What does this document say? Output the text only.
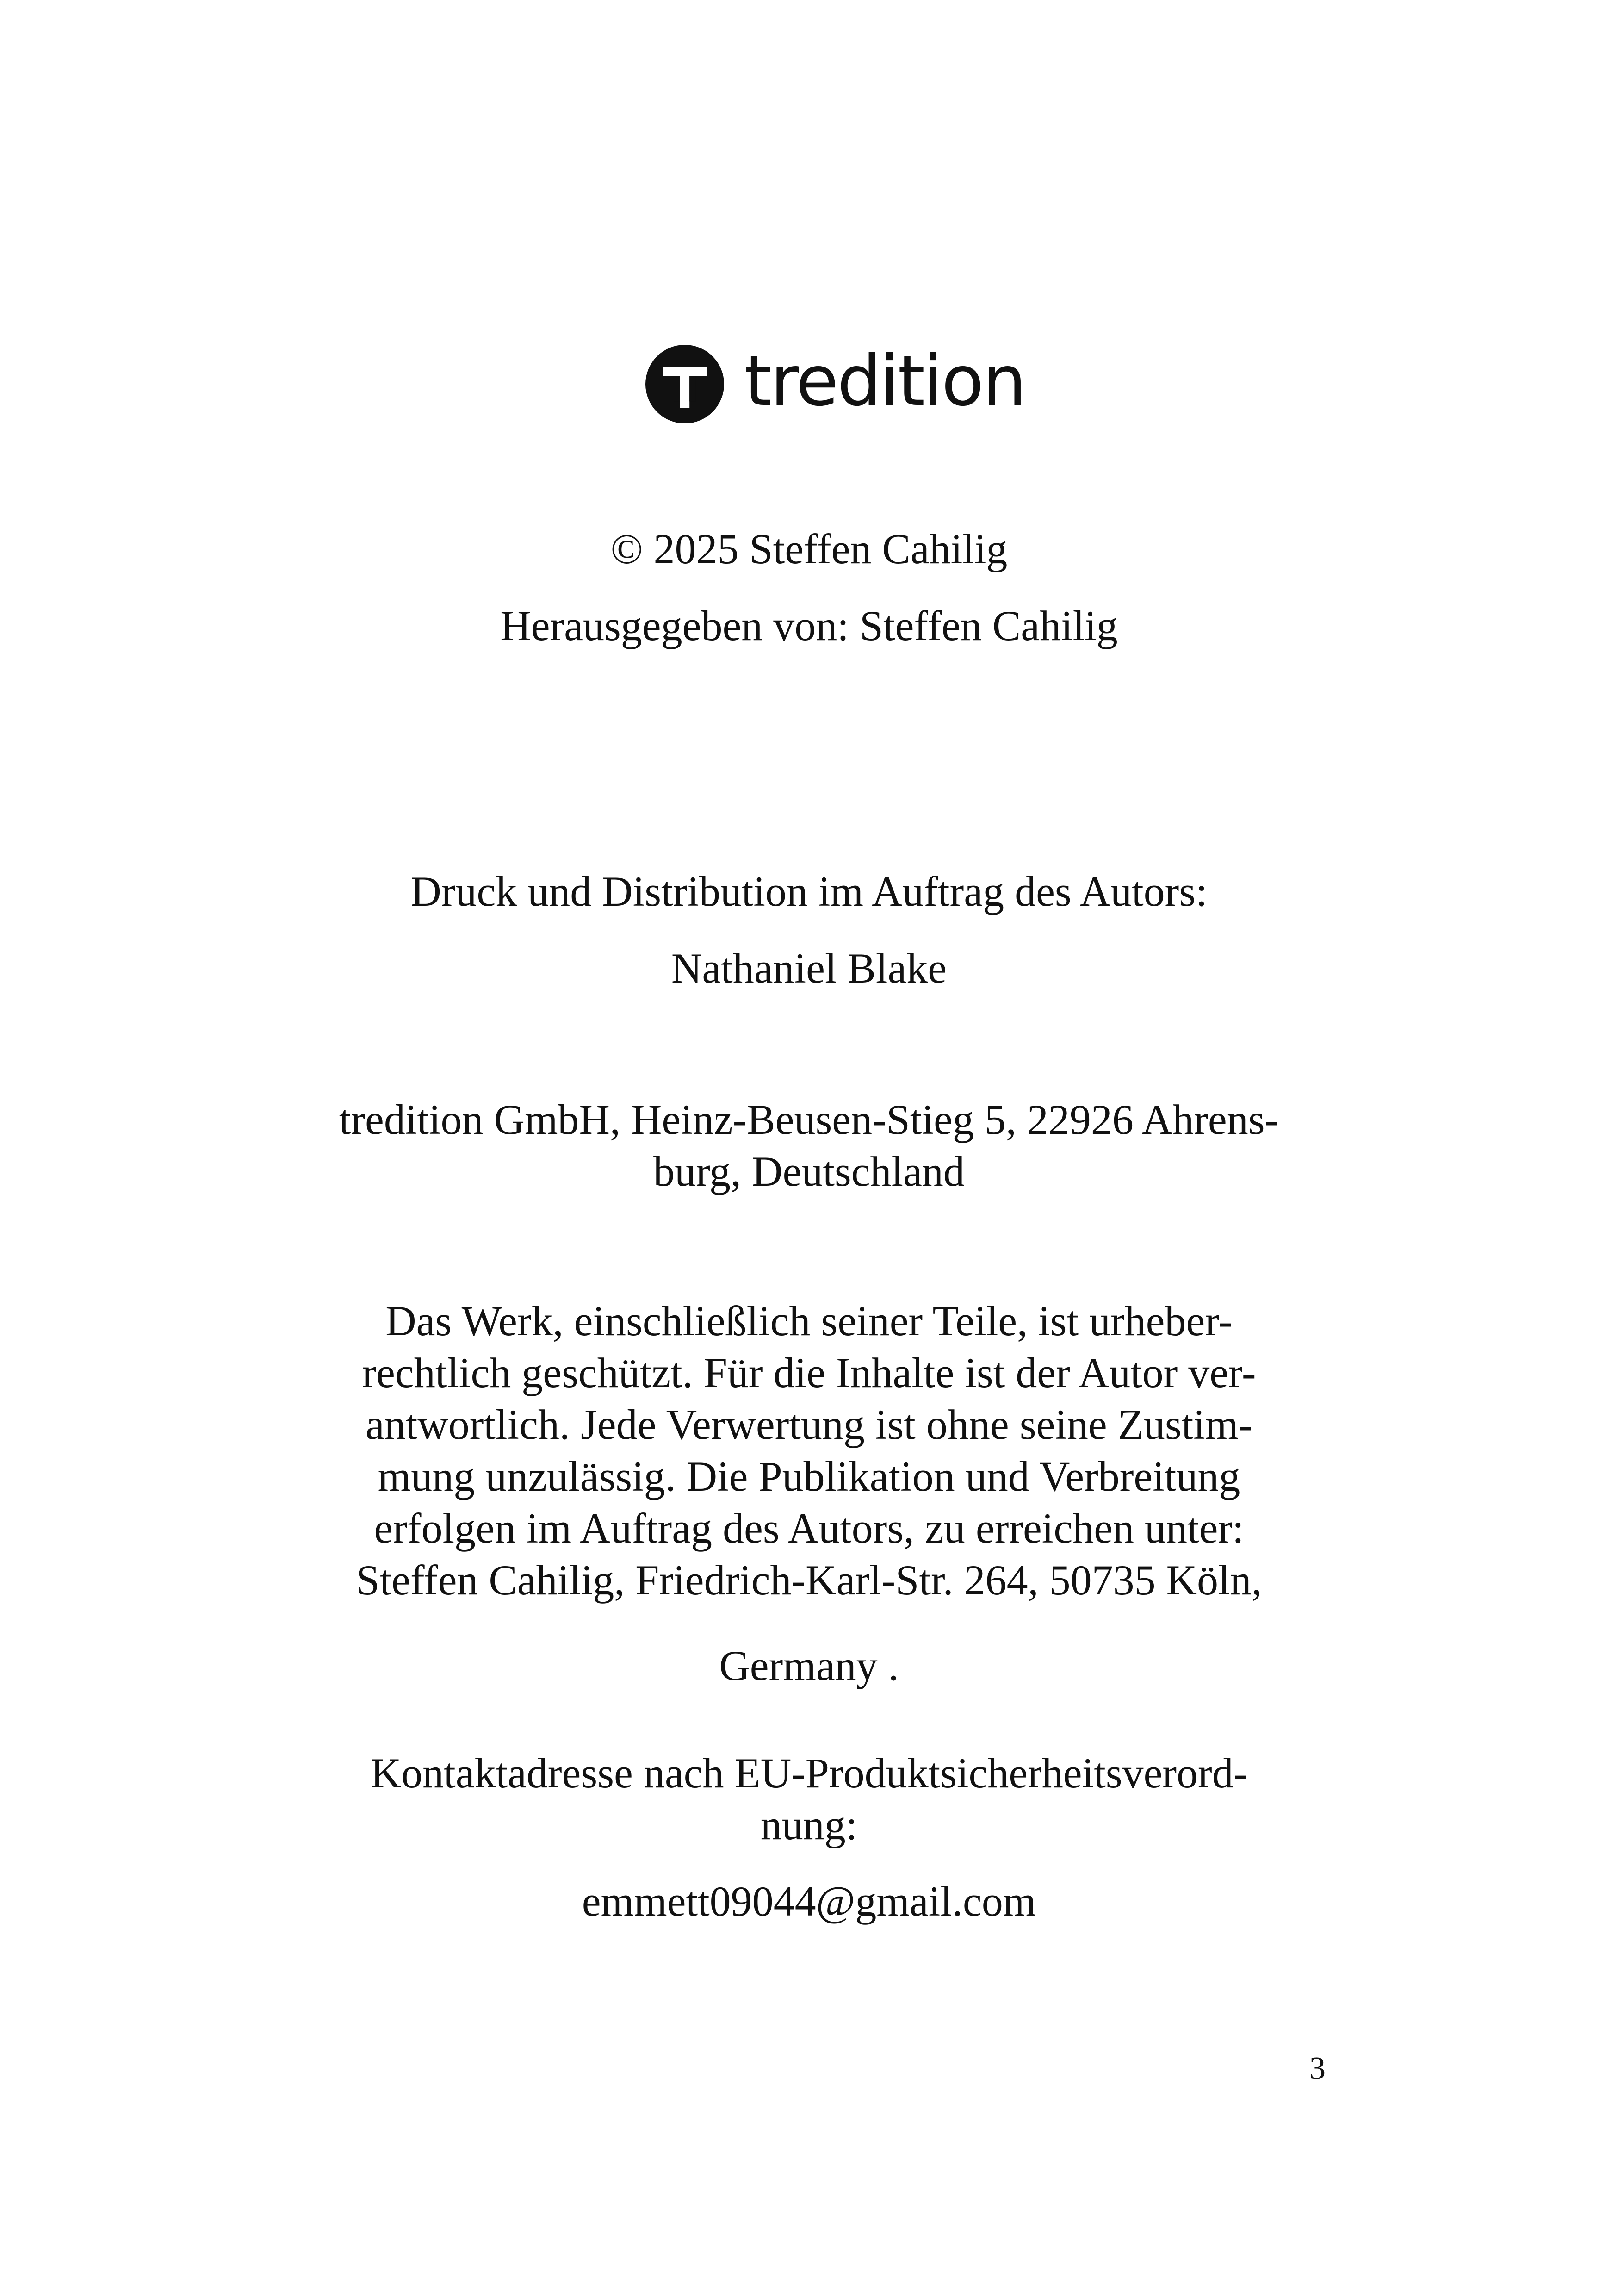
tredition
© 2025 Steffen Cahilig
Herausgegeben von: Steffen Cahilig
Druck und Distribution im Auftrag des Autors:
Nathaniel Blake
tredition GmbH, Heinz-Beusen-Stieg 5, 22926 Ahrens-
burg, Deutschland
Das Werk, einschließlich seiner Teile, ist urheber-
rechtlich geschützt. Für die Inhalte ist der Autor ver-
antwortlich. Jede Verwertung ist ohne seine Zustim-
mung unzulässig. Die Publikation und Verbreitung
erfolgen im Auftrag des Autors, zu erreichen unter:
Steffen Cahilig, Friedrich-Karl-Str. 264, 50735 Köln,
Germany .
Kontaktadresse nach EU-Produktsicherheitsverord-
nung:
emmett09044@gmail.com
3
